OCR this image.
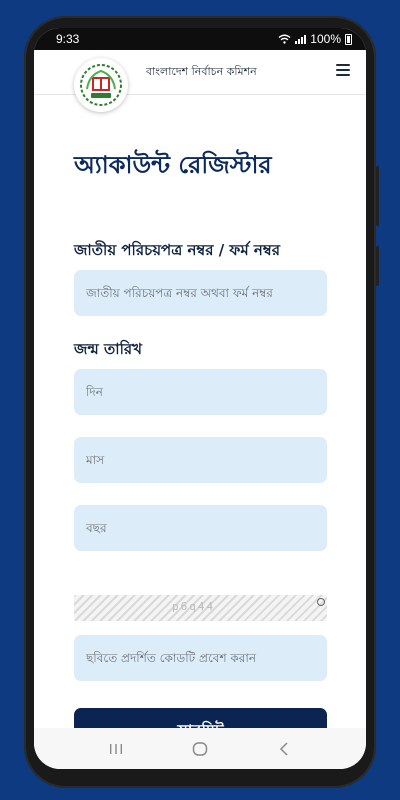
9:33	100%
বাংলাদেশ নির্বাচন কমিশন
অ্যাকাউন্ট রেজিস্টার

জাতীয় পরিচয়পত্র নম্বর / ফর্ম নম্বর

জাতীয় পরিচয়পত্র নম্বর অথবা ফর্ম নম্বর

জন্ম তারিখ

দিন
মাস
বছর
p6q44
ছবিতে প্রদর্শিত কোডটি প্রবেশ করান
